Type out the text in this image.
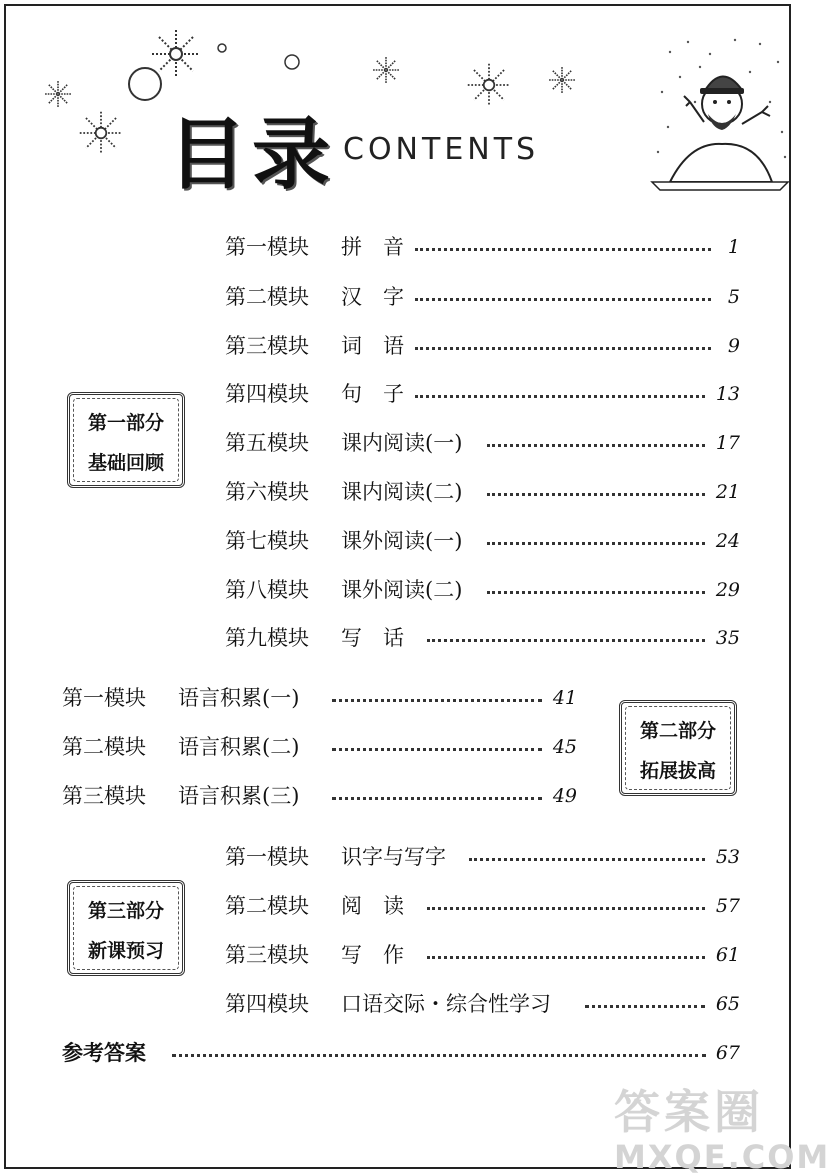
目录 CONTENTS
第一部分
基础回顾
第二部分
拓展拔高
第三部分
新课预习
第一模块 拼　音	1
第二模块 汉　字	5
第三模块 词　语	9
第四模块 句　子	13
第五模块 课内阅读(一)	17
第六模块 课内阅读(二)	21
第七模块 课外阅读(一)	24
第八模块 课外阅读(二)	29
第九模块 写　话	35
第一模块 语言积累(一)	41
第二模块 语言积累(二)	45
第三模块 语言积累(三)	49
第一模块 识字与写字	53
第二模块 阅　读	57
第三模块 写　作	61
第四模块 口语交际・综合性学习	65
参考答案	67
答案圈
MXQE.COM
